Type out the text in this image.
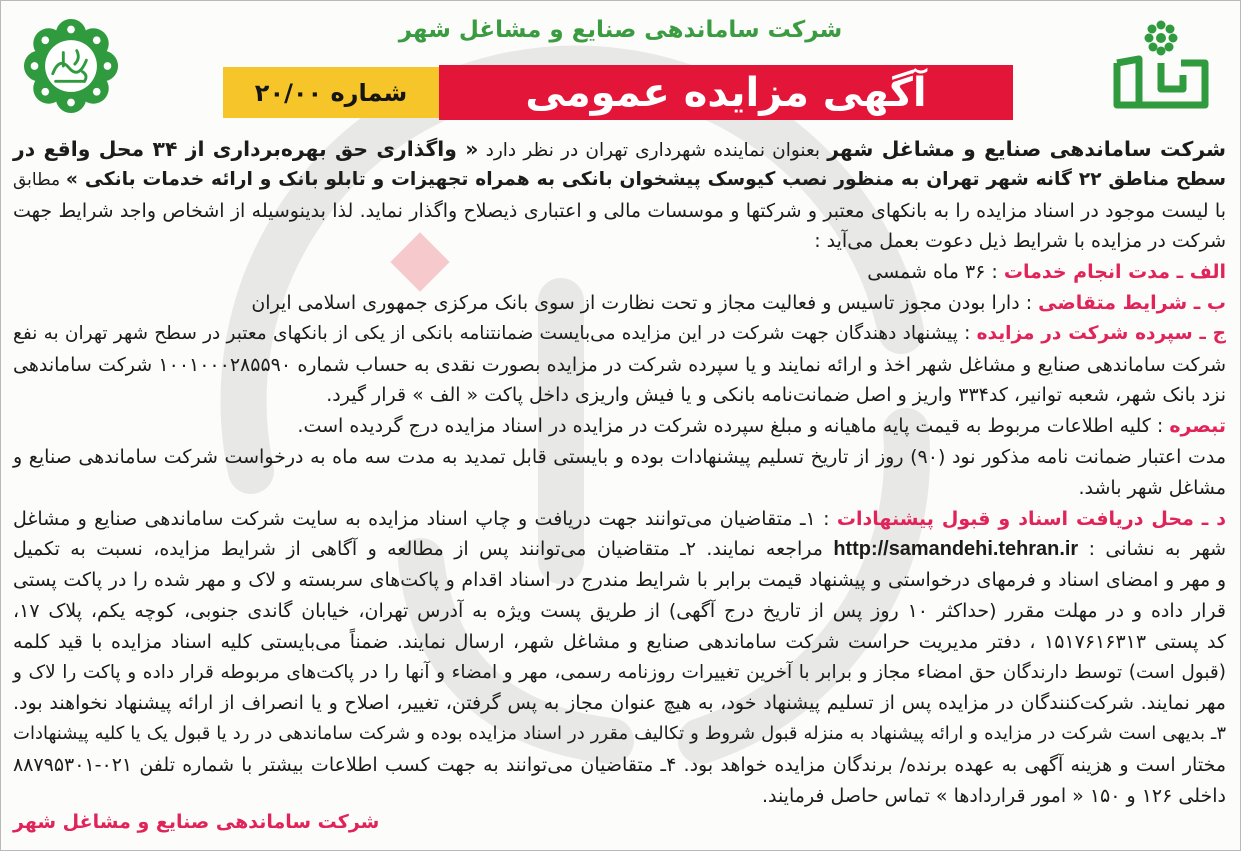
شرکت ساماندهی صنایع و مشاغل شهر
آگهی مزایده عمومی
شماره ۲۰/۰۰
شرکت ساماندهی صنایع و مشاغل شهر بعنوان نماینده شهرداری تهران در نظر دارد « واگذاری حق بهره‌برداری از ۳۴ محل واقع در
سطح مناطق ۲۲ گانه شهر تهران به منظور نصب کیوسک پیشخوان بانکی به همراه تجهیزات و تابلو بانک و ارائه خدمات بانکی » مطابق
با لیست موجود در اسناد مزایده را به بانکهای معتبر و شرکتها و موسسات مالی و اعتباری ذیصلاح واگذار نماید. لذا بدینوسیله از اشخاص واجد شرایط جهت
شرکت در مزایده با شرایط ذیل دعوت بعمل می‌آید :
الف ـ مدت انجام خدمات : ۳۶ ماه شمسی
ب ـ شرایط متقاضی : دارا بودن مجوز تاسیس و فعالیت مجاز و تحت نظارت از سوی بانک مرکزی جمهوری اسلامی ایران
ج ـ سپرده شرکت در مزایده : پیشنهاد دهندگان جهت شرکت در این مزایده می‌بایست ضمانتنامه بانکی از یکی از بانکهای معتبر در سطح شهر تهران به نفع
شرکت ساماندهی صنایع و مشاغل شهر اخذ و ارائه نمایند و یا سپرده شرکت در مزایده بصورت نقدی به حساب شماره ۱۰۰۱۰۰۰۲۸۵۵۹۰ شرکت ساماندهی
نزد بانک شهر، شعبه توانیر، کد۳۳۴ واریز و اصل ضمانت‌نامه بانکی و یا فیش واریزی داخل پاکت « الف » قرار گیرد.
تبصره : کلیه اطلاعات مربوط به قیمت پایه ماهیانه و مبلغ سپرده شرکت در مزایده در اسناد مزایده درج گردیده است.
مدت اعتبار ضمانت نامه مذکور نود (۹۰) روز از تاریخ تسلیم پیشنهادات بوده و بایستی قابل تمدید به مدت سه ماه به درخواست شرکت ساماندهی صنایع و
مشاغل شهر باشد.
د ـ محل دریافت اسناد و قبول پیشنهادات : ۱ـ متقاضیان می‌توانند جهت دریافت و چاپ اسناد مزایده به سایت شرکت ساماندهی صنایع و مشاغل
شهر به نشانی : http://samandehi.tehran.ir مراجعه نمایند. ۲ـ متقاضیان می‌توانند پس از مطالعه و آگاهی از شرایط مزایده، نسبت به تکمیل
و مهر و امضای اسناد و فرمهای درخواستی و پیشنهاد قیمت برابر با شرایط مندرج در اسناد اقدام و پاکت‌های سربسته و لاک و مهر شده را در پاکت پستی
قرار داده و در مهلت مقرر (حداکثر ۱۰ روز پس از تاریخ درج آگهی) از طریق پست ویژه به آدرس تهران، خیابان گاندی جنوبی، کوچه یکم، پلاک ۱۷،
کد پستی ۱۵۱۷۶۱۶۳۱۳ ، دفتر مدیریت حراست شرکت ساماندهی صنایع و مشاغل شهر، ارسال نمایند. ضمناً می‌بایستی کلیه اسناد مزایده با قید کلمه
(قبول است) توسط دارندگان حق امضاء مجاز و برابر با آخرین تغییرات روزنامه رسمی، مهر و امضاء و آنها را در پاکت‌های مربوطه قرار داده و پاکت را لاک و
مهر نمایند. شرکت‌کنندگان در مزایده پس از تسلیم پیشنهاد خود، به هیچ عنوان مجاز به پس گرفتن، تغییر، اصلاح و یا انصراف از ارائه پیشنهاد نخواهند بود.
۳ـ بدیهی است شرکت در مزایده و ارائه پیشنهاد به منزله قبول شروط و تکالیف مقرر در اسناد مزایده بوده و شرکت ساماندهی در رد یا قبول یک یا کلیه پیشنهادات
مختار است و هزینه آگهی به عهده برنده/ برندگان مزایده خواهد بود. ۴ـ متقاضیان می‌توانند به جهت کسب اطلاعات بیشتر با شماره تلفن ۰۲۱-۸۸۷۹۵۳۰۱
داخلی ۱۲۶ و ۱۵۰ « امور قراردادها » تماس حاصل فرمایند.
شرکت ساماندهی صنایع و مشاغل شهر
